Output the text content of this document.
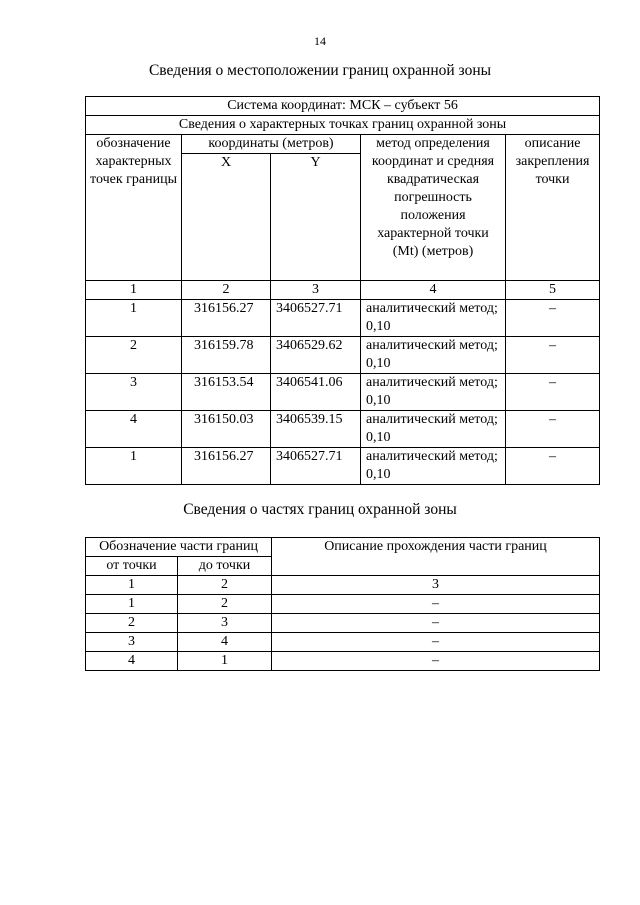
14
Сведения о местоположении границ охранной зоны
Система координат: МСК – субъект 56				
Сведения о характерных точках границ охранной зоны				
обозначение характерных точек границы	координаты (метров)		метод определения координат и средняя квадратическая погрешность положения характерной точки (Mt) (метров)	описание закрепления точки
	X	Y		
1	2	3	4	5
1	316156.27	3406527.71	аналитический метод; 0,10	–
2	316159.78	3406529.62	аналитический метод; 0,10	–
3	316153.54	3406541.06	аналитический метод; 0,10	–
4	316150.03	3406539.15	аналитический метод; 0,10	–
1	316156.27	3406527.71	аналитический метод; 0,10	–
Сведения о частях границ охранной зоны
Обозначение части границ		Описание прохождения части границ
от точки	до точки	
1	2	3
1	2	–
2	3	–
3	4	–
4	1	–
